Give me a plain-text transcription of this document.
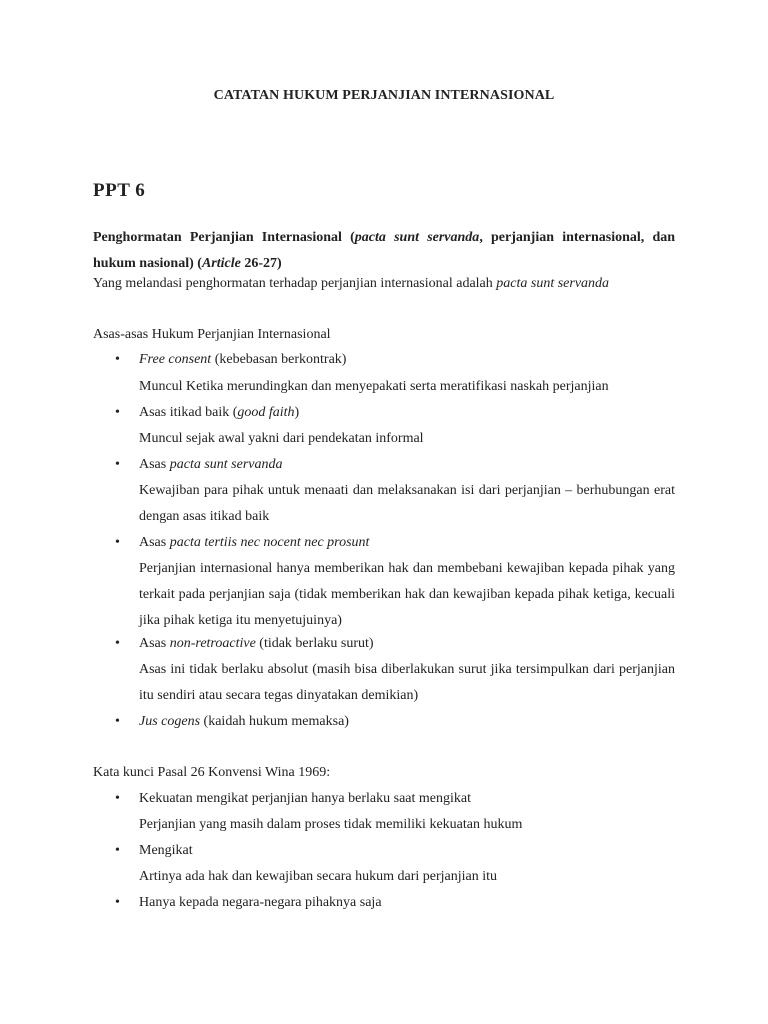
CATATAN HUKUM PERJANJIAN INTERNASIONAL
PPT 6
Penghormatan Perjanjian Internasional (pacta sunt servanda, perjanjian internasional, dan hukum nasional) (Article 26-27)
Yang melandasi penghormatan terhadap perjanjian internasional adalah pacta sunt servanda
Asas-asas Hukum Perjanjian Internasional
• Free consent (kebebasan berkontrak)
Muncul Ketika merundingkan dan menyepakati serta meratifikasi naskah perjanjian
• Asas itikad baik (good faith)
Muncul sejak awal yakni dari pendekatan informal
• Asas pacta sunt servanda
Kewajiban para pihak untuk menaati dan melaksanakan isi dari perjanjian – berhubungan erat dengan asas itikad baik
• Asas pacta tertiis nec nocent nec prosunt
Perjanjian internasional hanya memberikan hak dan membebani kewajiban kepada pihak yang terkait pada perjanjian saja (tidak memberikan hak dan kewajiban kepada pihak ketiga, kecuali jika pihak ketiga itu menyetujuinya)
• Asas non-retroactive (tidak berlaku surut)
Asas ini tidak berlaku absolut (masih bisa diberlakukan surut jika tersimpulkan dari perjanjian itu sendiri atau secara tegas dinyatakan demikian)
• Jus cogens (kaidah hukum memaksa)
Kata kunci Pasal 26 Konvensi Wina 1969:
• Kekuatan mengikat perjanjian hanya berlaku saat mengikat
Perjanjian yang masih dalam proses tidak memiliki kekuatan hukum
• Mengikat
Artinya ada hak dan kewajiban secara hukum dari perjanjian itu
• Hanya kepada negara-negara pihaknya saja
